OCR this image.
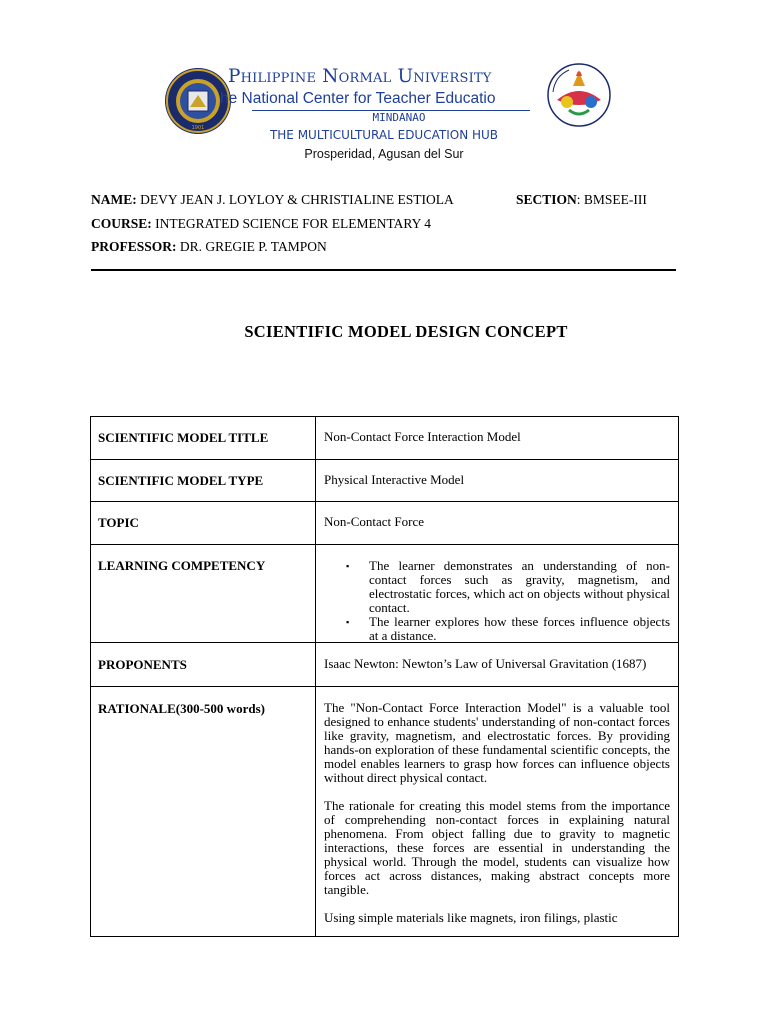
1901
Philippine Normal University
he National Center for Teacher Educatio
MINDANAO
THE MULTICULTURAL EDUCATION HUB
Prosperidad, Agusan del Sur
NAME: DEVY JEAN J. LOYLOY & CHRISTIALINE ESTIOLA	SECTION: BMSEE-III
COURSE: INTEGRATED SCIENCE FOR ELEMENTARY 4
PROFESSOR: DR. GREGIE P. TAMPON
SCIENTIFIC MODEL DESIGN CONCEPT
SCIENTIFIC MODEL TITLE	Non-Contact Force Interaction Model
SCIENTIFIC MODEL TYPE	Physical Interactive Model
TOPIC	Non-Contact Force
LEARNING COMPETENCY	▪ The learner demonstrates an understanding of non-contact forces such as gravity, magnetism, and electrostatic forces, which act on objects without physical contact.
▪ The learner explores how these forces influence objects at a distance.
PROPONENTS	Isaac Newton: Newton’s Law of Universal Gravitation (1687)
RATIONALE(300-500 words)	The "Non-Contact Force Interaction Model" is a valuable tool designed to enhance students' understanding of non-contact forces like gravity, magnetism, and electrostatic forces. By providing hands-on exploration of these fundamental scientific concepts, the model enables learners to grasp how forces can influence objects without direct physical contact.

The rationale for creating this model stems from the importance of comprehending non-contact forces in explaining natural phenomena. From object falling due to gravity to magnetic interactions, these forces are essential in understanding the physical world. Through the model, students can visualize how forces act across distances, making abstract concepts more tangible.

Using simple materials like magnets, iron filings, plastic
